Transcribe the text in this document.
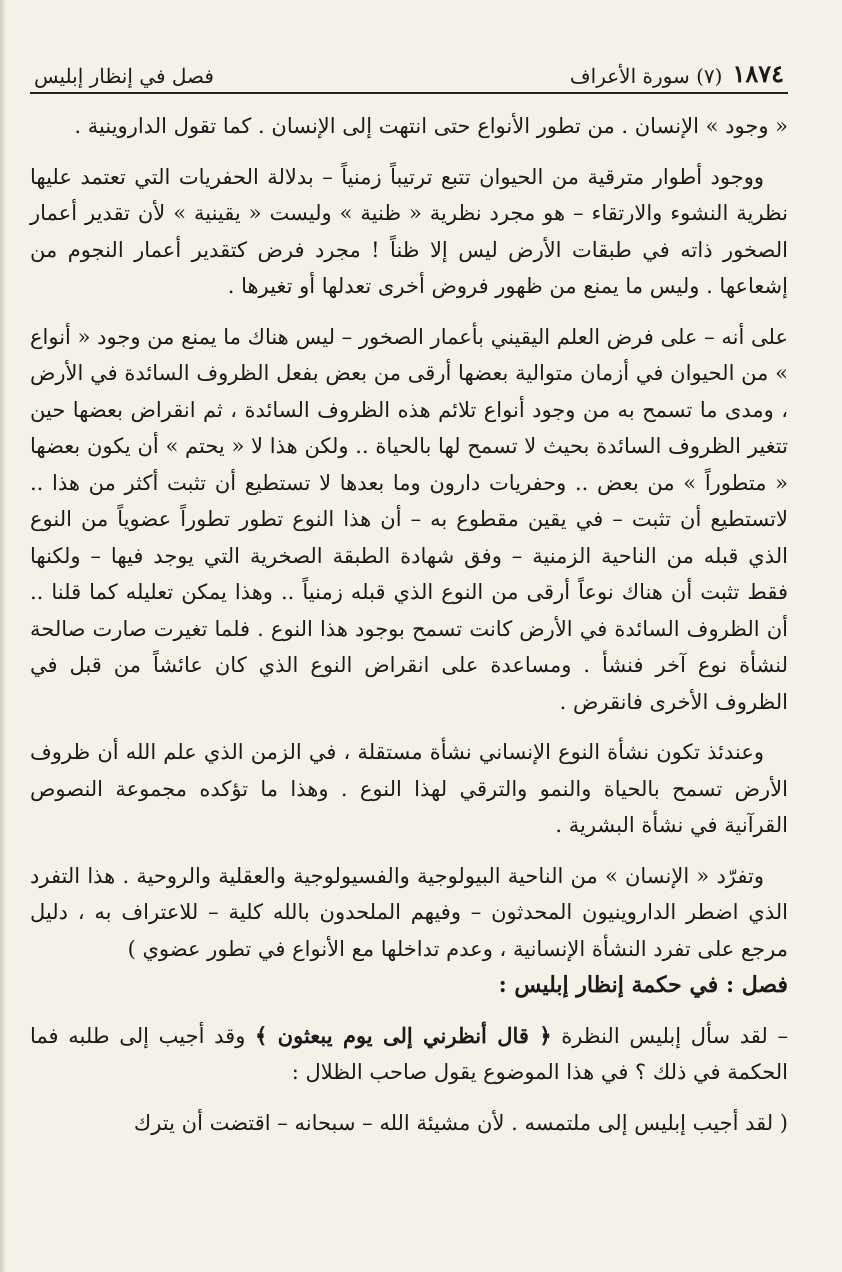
١٨٧٤
(٧) سورة الأعراف
فصل في إنظار إبليس

« وجود » الإنسان . من تطور الأنواع حتى انتهت إلى الإنسان . كما تقول الداروينية .

ووجود أطوار مترقية من الحيوان تتبع ترتيباً زمنياً – بدلالة الحفريات التي تعتمد عليها نظرية النشوء والارتقاء – هو مجرد نظرية « ظنية » وليست « يقينية » لأن تقدير أعمار الصخور ذاته في طبقات الأرض ليس إلا ظناً ! مجرد فرض كتقدير أعمار النجوم من إشعاعها . وليس ما يمنع من ظهور فروض أخرى تعدلها أو تغيرها .

على أنه – على فرض العلم اليقيني بأعمار الصخور – ليس هناك ما يمنع من وجود « أنواع » من الحيوان في أزمان متوالية بعضها أرقى من بعض بفعل الظروف السائدة في الأرض ، ومدى ما تسمح به من وجود أنواع تلائم هذه الظروف السائدة ، ثم انقراض بعضها حين تتغير الظروف السائدة بحيث لا تسمح لها بالحياة .. ولكن هذا لا « يحتم » أن يكون بعضها « متطوراً » من بعض .. وحفريات دارون وما بعدها لا تستطيع أن تثبت أكثر من هذا .. لاتستطيع أن تثبت – في يقين مقطوع به – أن هذا النوع تطور تطوراً عضوياً من النوع الذي قبله من الناحية الزمنية – وفق شهادة الطبقة الصخرية التي يوجد فيها – ولكنها فقط تثبت أن هناك نوعاً أرقى من النوع الذي قبله زمنياً .. وهذا يمكن تعليله كما قلنا .. أن الظروف السائدة في الأرض كانت تسمح بوجود هذا النوع . فلما تغيرت صارت صالحة لنشأة نوع آخر فنشأ . ومساعدة على انقراض النوع الذي كان عائشاً من قبل في الظروف الأخرى فانقرض .

وعندئذ تكون نشأة النوع الإنساني نشأة مستقلة ، في الزمن الذي علم الله أن ظروف الأرض تسمح بالحياة والنمو والترقي لهذا النوع . وهذا ما تؤكده مجموعة النصوص القرآنية في نشأة البشرية .

وتفرّد « الإنسان » من الناحية البيولوجية والفسيولوجية والعقلية والروحية . هذا التفرد الذي اضطر الداروينيون المحدثون – وفيهم الملحدون بالله كلية – للاعتراف به ، دليل مرجع على تفرد النشأة الإنسانية ، وعدم تداخلها مع الأنواع في تطور عضوي )

فصل : في حكمة إنظار إبليس :

– لقد سأل إبليس النظرة ﴿ قال أنظرني إلى يوم يبعثون ﴾ وقد أجيب إلى طلبه فما الحكمة في ذلك ؟ في هذا الموضوع يقول صاحب الظلال :

( لقد أجيب إبليس إلى ملتمسه . لأن مشيئة الله – سبحانه – اقتضت أن يترك
